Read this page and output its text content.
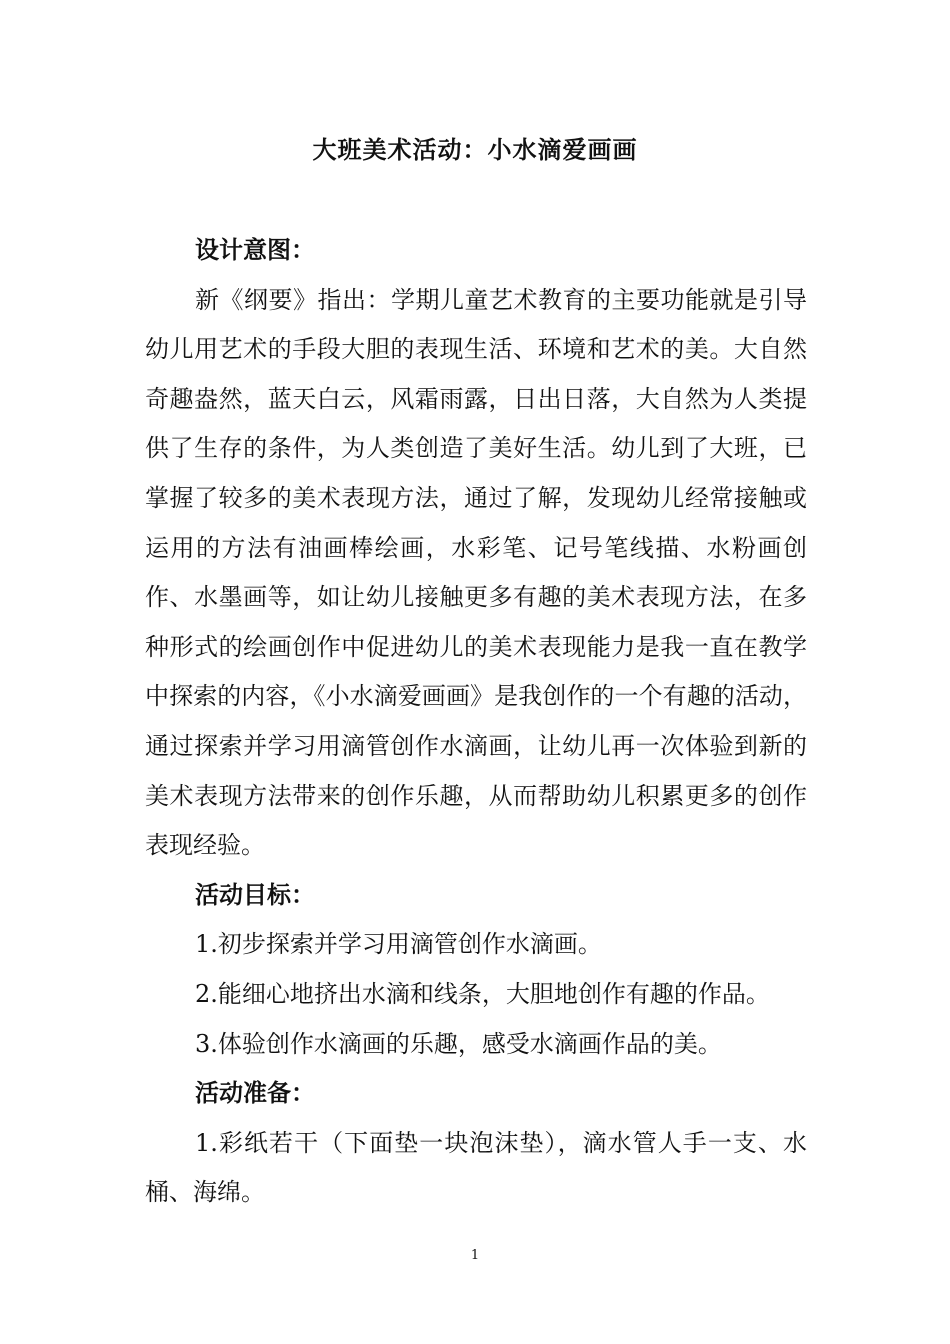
大班美术活动：小水滴爱画画

设计意图：

新《纲要》指出：学期儿童艺术教育的主要功能就是引导幼儿用艺术的手段大胆的表现生活、环境和艺术的美。大自然奇趣盎然，蓝天白云，风霜雨露，日出日落，大自然为人类提供了生存的条件，为人类创造了美好生活。幼儿到了大班，已掌握了较多的美术表现方法，通过了解，发现幼儿经常接触或运用的方法有油画棒绘画，水彩笔、记号笔线描、水粉画创作、水墨画等，如让幼儿接触更多有趣的美术表现方法，在多种形式的绘画创作中促进幼儿的美术表现能力是我一直在教学中探索的内容，《小水滴爱画画》是我创作的一个有趣的活动，通过探索并学习用滴管创作水滴画，让幼儿再一次体验到新的美术表现方法带来的创作乐趣，从而帮助幼儿积累更多的创作表现经验。

活动目标：

1.初步探索并学习用滴管创作水滴画。

2.能细心地挤出水滴和线条，大胆地创作有趣的作品。

3.体验创作水滴画的乐趣，感受水滴画作品的美。

活动准备：

1.彩纸若干（下面垫一块泡沫垫），滴水管人手一支、水桶、海绵。

1
